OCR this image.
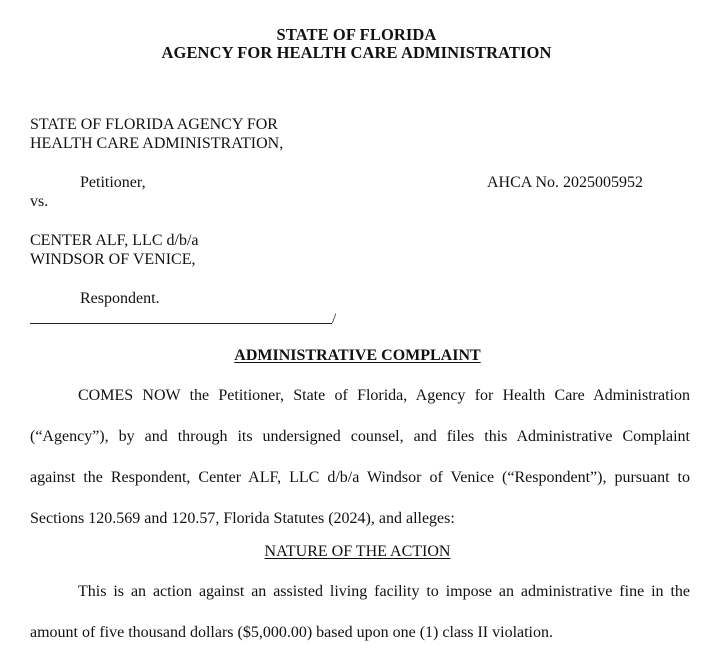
STATE OF FLORIDA
AGENCY FOR HEALTH CARE ADMINISTRATION
STATE OF FLORIDA AGENCY FOR
HEALTH CARE ADMINISTRATION,
Petitioner,	AHCA No. 2025005952
vs.
CENTER ALF, LLC d/b/a
WINDSOR OF VENICE,
Respondent.
/
ADMINISTRATIVE COMPLAINT
COMES NOW the Petitioner, State of Florida, Agency for Health Care Administration
(“Agency”), by and through its undersigned counsel, and files this Administrative Complaint
against the Respondent, Center ALF, LLC d/b/a Windsor of Venice (“Respondent”), pursuant to
Sections 120.569 and 120.57, Florida Statutes (2024), and alleges:
NATURE OF THE ACTION
This is an action against an assisted living facility to impose an administrative fine in the
amount of five thousand dollars ($5,000.00) based upon one (1) class II violation.
